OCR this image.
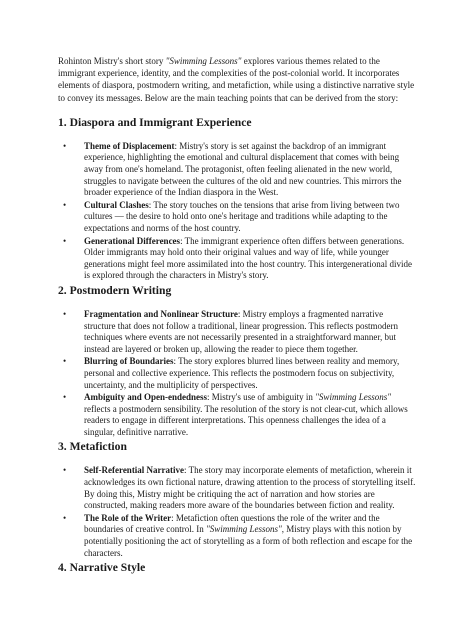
Rohinton Mistry's short story "Swimming Lessons" explores various themes related to the immigrant experience, identity, and the complexities of the post-colonial world. It incorporates elements of diaspora, postmodern writing, and metafiction, while using a distinctive narrative style to convey its messages. Below are the main teaching points that can be derived from the story:

1. Diaspora and Immigrant Experience
• Theme of Displacement: Mistry's story is set against the backdrop of an immigrant experience, highlighting the emotional and cultural displacement that comes with being away from one's homeland. The protagonist, often feeling alienated in the new world, struggles to navigate between the cultures of the old and new countries. This mirrors the broader experience of the Indian diaspora in the West.
• Cultural Clashes: The story touches on the tensions that arise from living between two cultures — the desire to hold onto one's heritage and traditions while adapting to the expectations and norms of the host country.
• Generational Differences: The immigrant experience often differs between generations. Older immigrants may hold onto their original values and way of life, while younger generations might feel more assimilated into the host country. This intergenerational divide is explored through the characters in Mistry's story.
2. Postmodern Writing
• Fragmentation and Nonlinear Structure: Mistry employs a fragmented narrative structure that does not follow a traditional, linear progression. This reflects postmodern techniques where events are not necessarily presented in a straightforward manner, but instead are layered or broken up, allowing the reader to piece them together.
• Blurring of Boundaries: The story explores blurred lines between reality and memory, personal and collective experience. This reflects the postmodern focus on subjectivity, uncertainty, and the multiplicity of perspectives.
• Ambiguity and Open-endedness: Mistry's use of ambiguity in "Swimming Lessons" reflects a postmodern sensibility. The resolution of the story is not clear-cut, which allows readers to engage in different interpretations. This openness challenges the idea of a singular, definitive narrative.
3. Metafiction
• Self-Referential Narrative: The story may incorporate elements of metafiction, wherein it acknowledges its own fictional nature, drawing attention to the process of storytelling itself. By doing this, Mistry might be critiquing the act of narration and how stories are constructed, making readers more aware of the boundaries between fiction and reality.
• The Role of the Writer: Metafiction often questions the role of the writer and the boundaries of creative control. In "Swimming Lessons", Mistry plays with this notion by potentially positioning the act of storytelling as a form of both reflection and escape for the characters.
4. Narrative Style
